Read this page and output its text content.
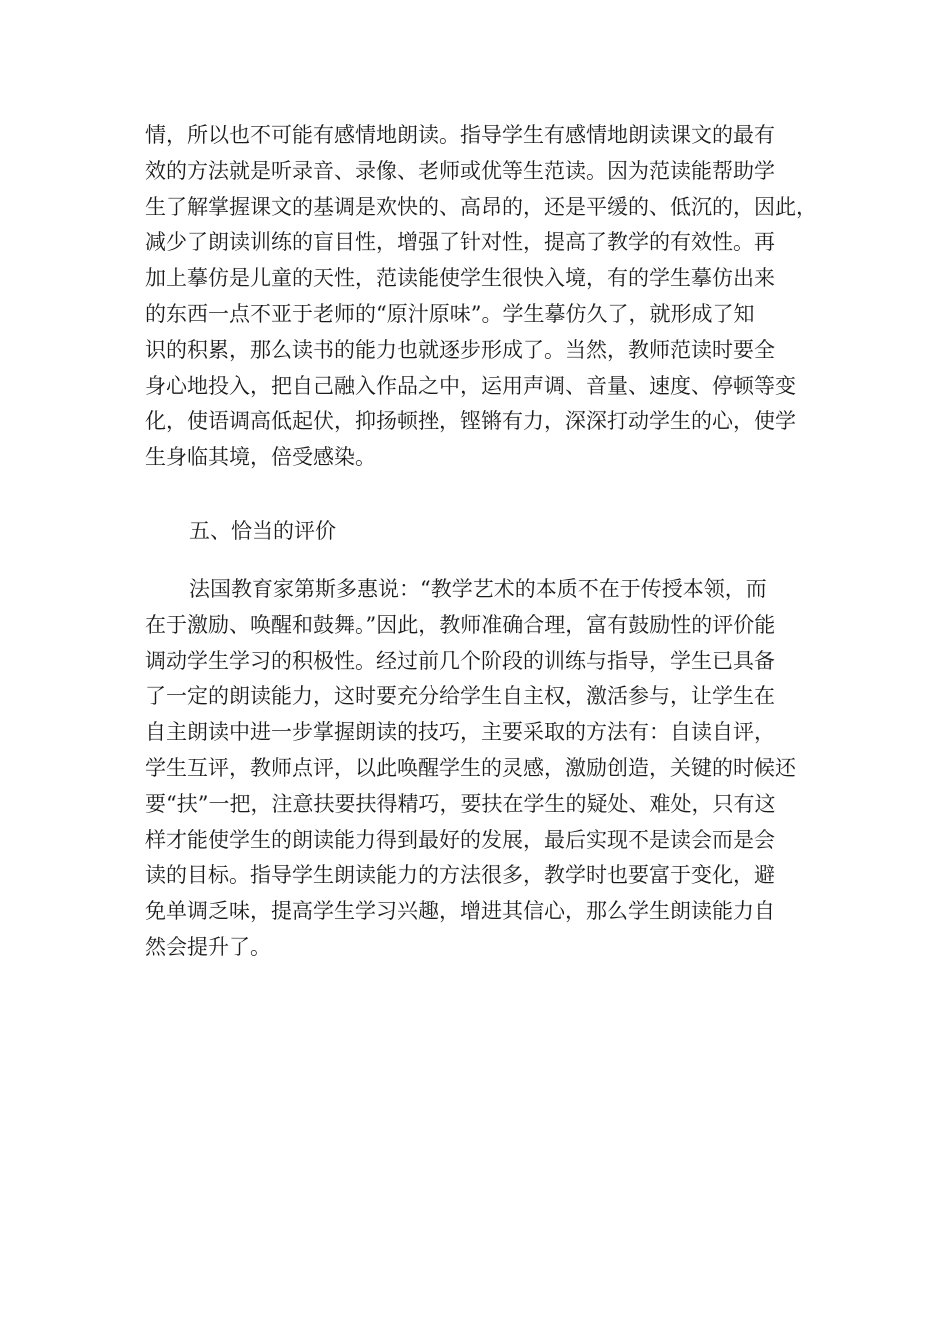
情，所以也不可能有感情地朗读。指导学生有感情地朗读课文的最有
效的方法就是听录音、录像、老师或优等生范读。因为范读能帮助学
生了解掌握课文的基调是欢快的、高昂的，还是平缓的、低沉的，因此，
减少了朗读训练的盲目性，增强了针对性，提高了教学的有效性。再
加上摹仿是儿童的天性，范读能使学生很快入境，有的学生摹仿出来
的东西一点不亚于老师的“原汁原味”。学生摹仿久了，就形成了知
识的积累，那么读书的能力也就逐步形成了。当然，教师范读时要全
身心地投入，把自己融入作品之中，运用声调、音量、速度、停顿等变
化，使语调高低起伏，抑扬顿挫，铿锵有力，深深打动学生的心，使学
生身临其境，倍受感染。
五、恰当的评价
法国教育家第斯多惠说：“教学艺术的本质不在于传授本领，而
在于激励、唤醒和鼓舞。”因此，教师准确合理，富有鼓励性的评价能
调动学生学习的积极性。经过前几个阶段的训练与指导，学生已具备
了一定的朗读能力，这时要充分给学生自主权，激活参与，让学生在
自主朗读中进一步掌握朗读的技巧，主要采取的方法有：自读自评，
学生互评，教师点评，以此唤醒学生的灵感，激励创造，关键的时候还
要“扶”一把，注意扶要扶得精巧，要扶在学生的疑处、难处，只有这
样才能使学生的朗读能力得到最好的发展，最后实现不是读会而是会
读的目标。指导学生朗读能力的方法很多，教学时也要富于变化，避
免单调乏味，提高学生学习兴趣，增进其信心，那么学生朗读能力自
然会提升了。
